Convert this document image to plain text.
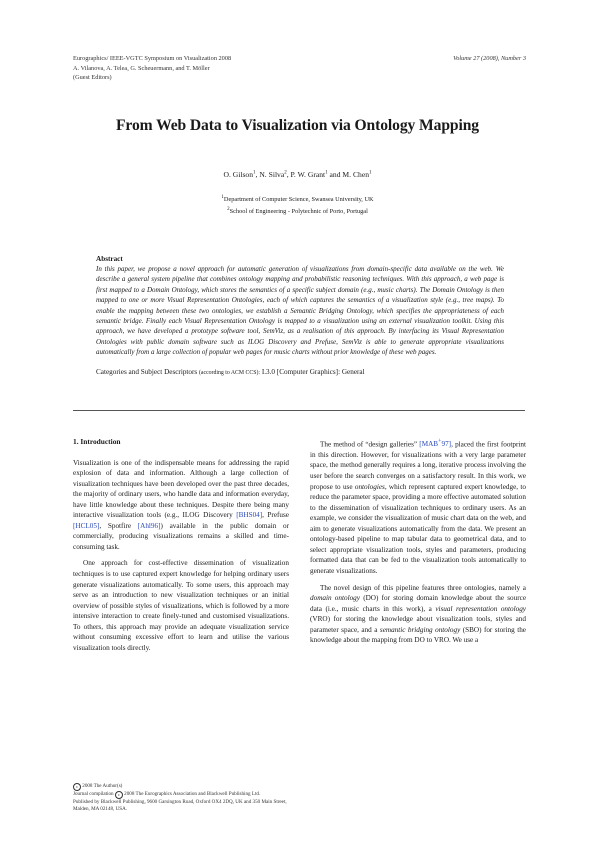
Eurographics/ IEEE-VGTC Symposium on Visualization 2008
A. Vilanova, A. Telea, G. Scheuermann, and T. Möller
(Guest Editors)
Volume 27 (2008), Number 3
From Web Data to Visualization via Ontology Mapping
O. Gilson$^1$, N. Silva$^2$, P. W. Grant$^1$ and M. Chen$^1$
$^1$Department of Computer Science, Swansea University, UK
$^2$School of Engineering - Polytechnic of Porto, Portugal
Abstract

In this paper, we propose a novel approach for automatic generation of visualizations from domain-specific data available on the web. We describe a general system pipeline that combines ontology mapping and probabilistic reasoning techniques. With this approach, a web page is first mapped to a Domain Ontology, which stores the semantics of a specific subject domain (e.g., music charts). The Domain Ontology is then mapped to one or more Visual Representation Ontologies, each of which captures the semantics of a visualization style (e.g., tree maps). To enable the mapping between these two ontologies, we establish a Semantic Bridging Ontology, which specifies the appropriateness of each semantic bridge. Finally each Visual Representation Ontology is mapped to a visualization using an external visualization toolkit. Using this approach, we have developed a prototype software tool, SemViz, as a realisation of this approach. By interfacing its Visual Representation Ontologies with public domain software such as ILOG Discovery and Prefuse, SemViz is able to generate appropriate visualizations automatically from a large collection of popular web pages for music charts without prior knowledge of these web pages.

Categories and Subject Descriptors (according to ACM CCS): I.3.0 [Computer Graphics]: General
1. Introduction

Visualization is one of the indispensable means for addressing the rapid explosion of data and information. Although a large collection of visualization techniques have been developed over the past three decades, the majority of ordinary users, who handle data and information everyday, have little knowledge about these techniques. Despite there being many interactive visualization tools (e.g., ILOG Discovery [BHS04], Prefuse [HCL05], Spotfire [Ahl96]) available in the public domain or commercially, producing visualizations remains a skilled and time-consuming task.

One approach for cost-effective dissemination of visualization techniques is to use captured expert knowledge for helping ordinary users generate visualizations automatically. To some users, this approach may serve as an introduction to new visualization techniques or an initial overview of possible styles of visualizations, which is followed by a more intensive interaction to create finely-tuned and customised visualizations. To others, this approach may provide an adequate visualization service without consuming excessive effort to learn and utilise the various visualization tools directly.

The method of “design galleries” [MAB+97], placed the first footprint in this direction. However, for visualizations with a very large parameter space, the method generally requires a long, iterative process involving the user before the search converges on a satisfactory result. In this work, we propose to use ontologies, which represent captured expert knowledge, to reduce the parameter space, providing a more effective automated solution to the dissemination of visualization techniques to ordinary users. As an example, we consider the visualization of music chart data on the web, and aim to generate visualizations automatically from the data. We present an ontology-based pipeline to map tabular data to geometrical data, and to select appropriate visualization tools, styles and parameters, producing formatted data that can be fed to the visualization tools automatically to generate visualizations.

The novel design of this pipeline features three ontologies, namely a domain ontology (DO) for storing domain knowledge about the source data (i.e., music charts in this work), a visual representation ontology (VRO) for storing the knowledge about visualization tools, styles and parameter space, and a semantic bridging ontology (SBO) for storing the knowledge about the mapping from DO to VRO. We use a

c 2008 The Author(s)
Journal compilation c 2008 The Eurographics Association and Blackwell Publishing Ltd.
Published by Blackwell Publishing, 9600 Garsington Road, Oxford OX4 2DQ, UK and 350 Main Street, Malden, MA 02148, USA.
